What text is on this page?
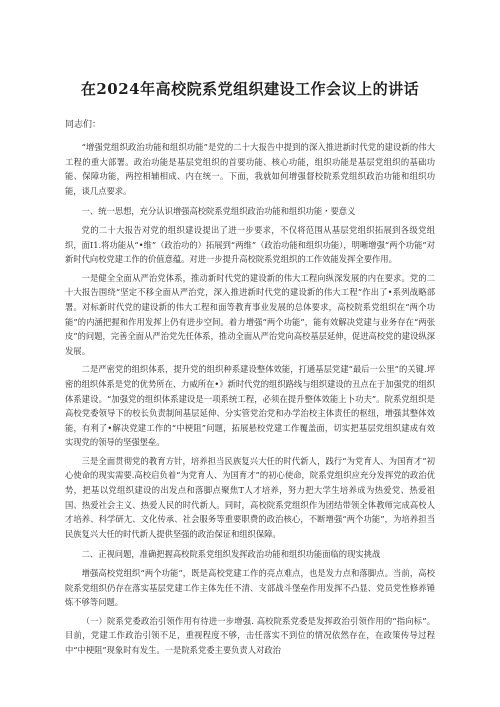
在2024年高校院系党组织建设工作会议上的讲话
同志们：

“增强党组织政治功能和组织功能”是党的二十大报告中提到的深入推进新时代党的建设新的伟大工程的重大部署。政治功能是基层党组织的首要功能、核心功能，组织功能是基层党组织的基础功能、保障功能，两控相辅相成、内在统一。下面，我就如何增强督校院系党组织政治功能和组织功能，谈几点要求。

一、统一思想，充分认识增强高校院系党组织政治功能和组织功能・要意义

党的二十大报告对党的组织建设提出了进一步要求，不仅将范围从基层党组织拓展到各级党组织，面I1.将功能从“•维”（政治功的）拓展到“两维”（政治功能和组织功能），明晰增强“两个功能”对新时代向校党建工作的价值意蕴。对进一步提升高校院系党组织的工作效能发挥全要作用。

一是健全全面从严治党体系，推动新时代党的建设新的伟大工程向纵深发展的内在要求。党的二十大报告围绕“坚定不移全面从严治党，深入推进新时代党的建设新的伟大工程”作出了•系列战略部署。对标新时代党的建设新的伟大工程和面等教育事业发展的总体要求，高校院系党组织在“两个功能”的内涵把握和作用发挥上仍有进步空间。着力增强“两个功能”，能有效解决党建与业务存在“两张皮”的问题，完善全面从严治党先任体系，推动全面从严治党向高校基层延伸，促进高校党的建设纵深发展。

二是严密党的组织体系，提升党的组织种系建设整体效能，打通基层党建“最后一公里”的关键.坪密的组织体系是党的优势所在、力威所在•》新时代党的组织路线与组织建设的丑点在于加强党的组织体系建设。“加强党的组织体系建设是一项系统工程，必须在提升整体效能上卜功夫”。院系党组织是高校党委领导下的校长负责制间基层延伸、分实管党治党和办学治校主体责任的枢纽，增强其整体效能，有利了•解决党建工作的“中梗阻”问题，拓展悬校党建工作覆盖面，切实把基层党组织建成有效实现党的领导的坚强堡垒。

三是全面贯彻党的教育方针，培养担当民族复兴大任的时代新人，践行“为党育人、为国育才”初心使命的现实需要.高校启负着“为党育人、为国育才”的初心使命，院系党组织应充分发挥党的政治优势，把基以党组织建设的出发点和落脚点聚焦T人才培养，努力把大学生培养成为热爱党、热爱祖国、热爱社会主义、热爱人民的时代新人。同时，高校院系党组织作为团结带领全体教师完成高校人才培养、科学研尢、文化传承、社会服务等重要职费的政治核心，不断增强“两个功能”，为培养担当民族复兴大任的时代新人提供坚强的政治保证和组织保障。

二、正视问题，准确把握高校院系党组织发挥政治功能和组织功能面临的现实挑战

增强高校党组织“两个功能”，既是高校党建工作的亮点难点，也是发力点和落脚点。当前，高校院系党组织仍存在落实基层党建工作主体先任不清、支部战斗堡垒作用发挥不凸显、党员党性修养锤炼不够等问题。

（一）院系党委政治引领作用有待进一步增强. 高校院系党委是发挥政治引领作用的“指向标”。目前，党建工作政治引领不足，重视程度不够，击任落实不到位的情况依然存在，在政策传导过程中“中梗阻”现象时有发生。一是院系党委主要负责人对政治
